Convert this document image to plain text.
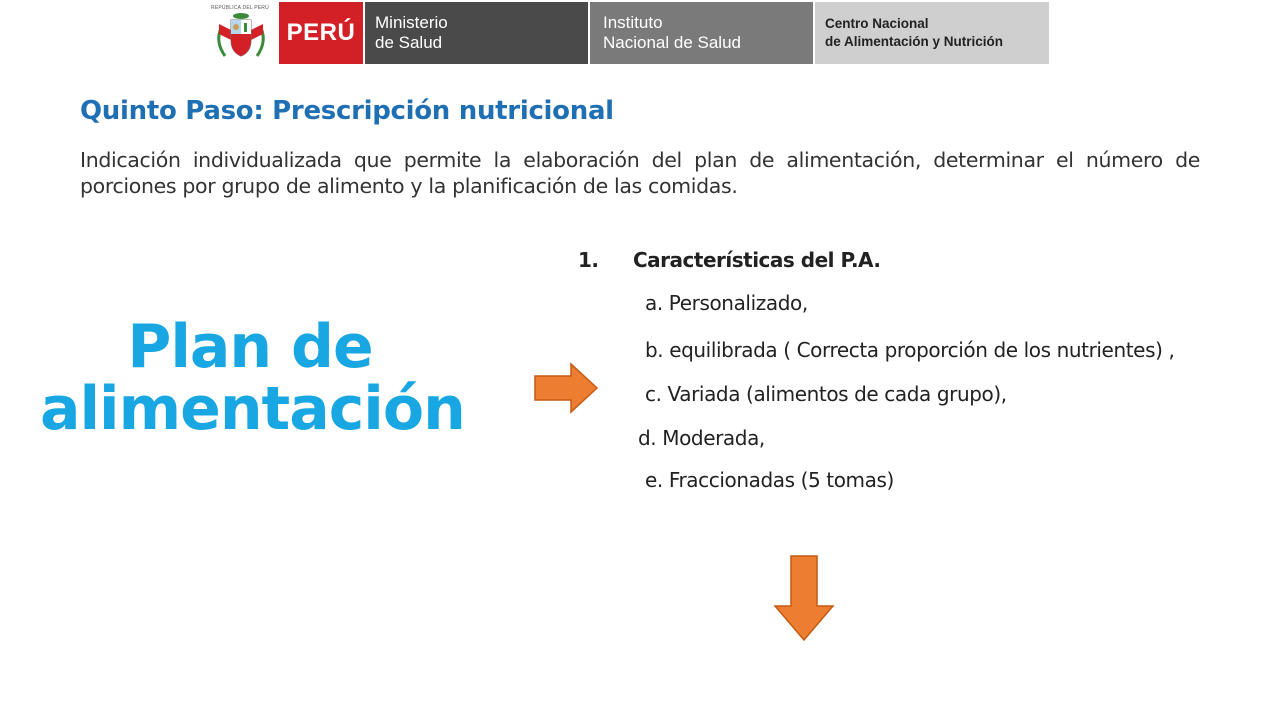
REPÚBLICA DEL PERÚ
PERÚ	Ministerio
de Salud
Instituto
Nacional de Salud
Centro Nacional
de Alimentación y Nutrición
Quinto Paso: Prescripción nutricional
Indicación individualizada que permite la elaboración del plan de alimentación, determinar el número de porciones por grupo de alimento y la planificación de las comidas.
Plan de
alimentación
1. Características del P.A.
a. Personalizado,
b. equilibrada ( Correcta proporción de los nutrientes) ,
c. Variada (alimentos de cada grupo),
d. Moderada,
e. Fraccionadas (5 tomas)
